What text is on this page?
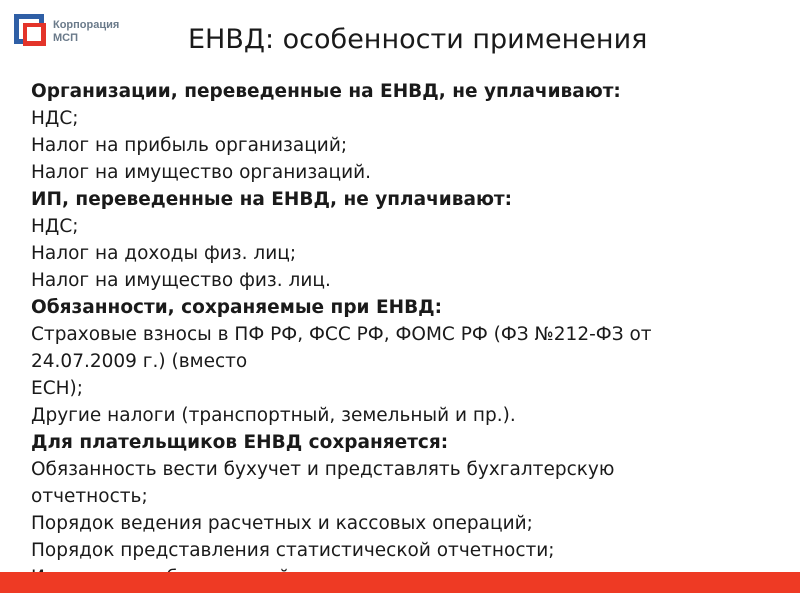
Корпорация
МСП	ЕНВД: особенности применения
Организации, переведенные на ЕНВД, не уплачивают:
НДС;
Налог на прибыль организаций;
Налог на имущество организаций.
ИП, переведенные на ЕНВД, не уплачивают:
НДС;
Налог на доходы физ. лиц;
Налог на имущество физ. лиц.
Обязанности, сохраняемые при ЕНВД:
Страховые взносы в ПФ РФ, ФСС РФ, ФОМС РФ (ФЗ №212-ФЗ от
24.07.2009 г.) (вместо
ЕСН);
Другие налоги (транспортный, земельный и пр.).
Для плательщиков ЕНВД сохраняется:
Обязанность вести бухучет и представлять бухгалтерскую
отчетность;
Порядок ведения расчетных и кассовых операций;
Порядок представления статистической отчетности;
